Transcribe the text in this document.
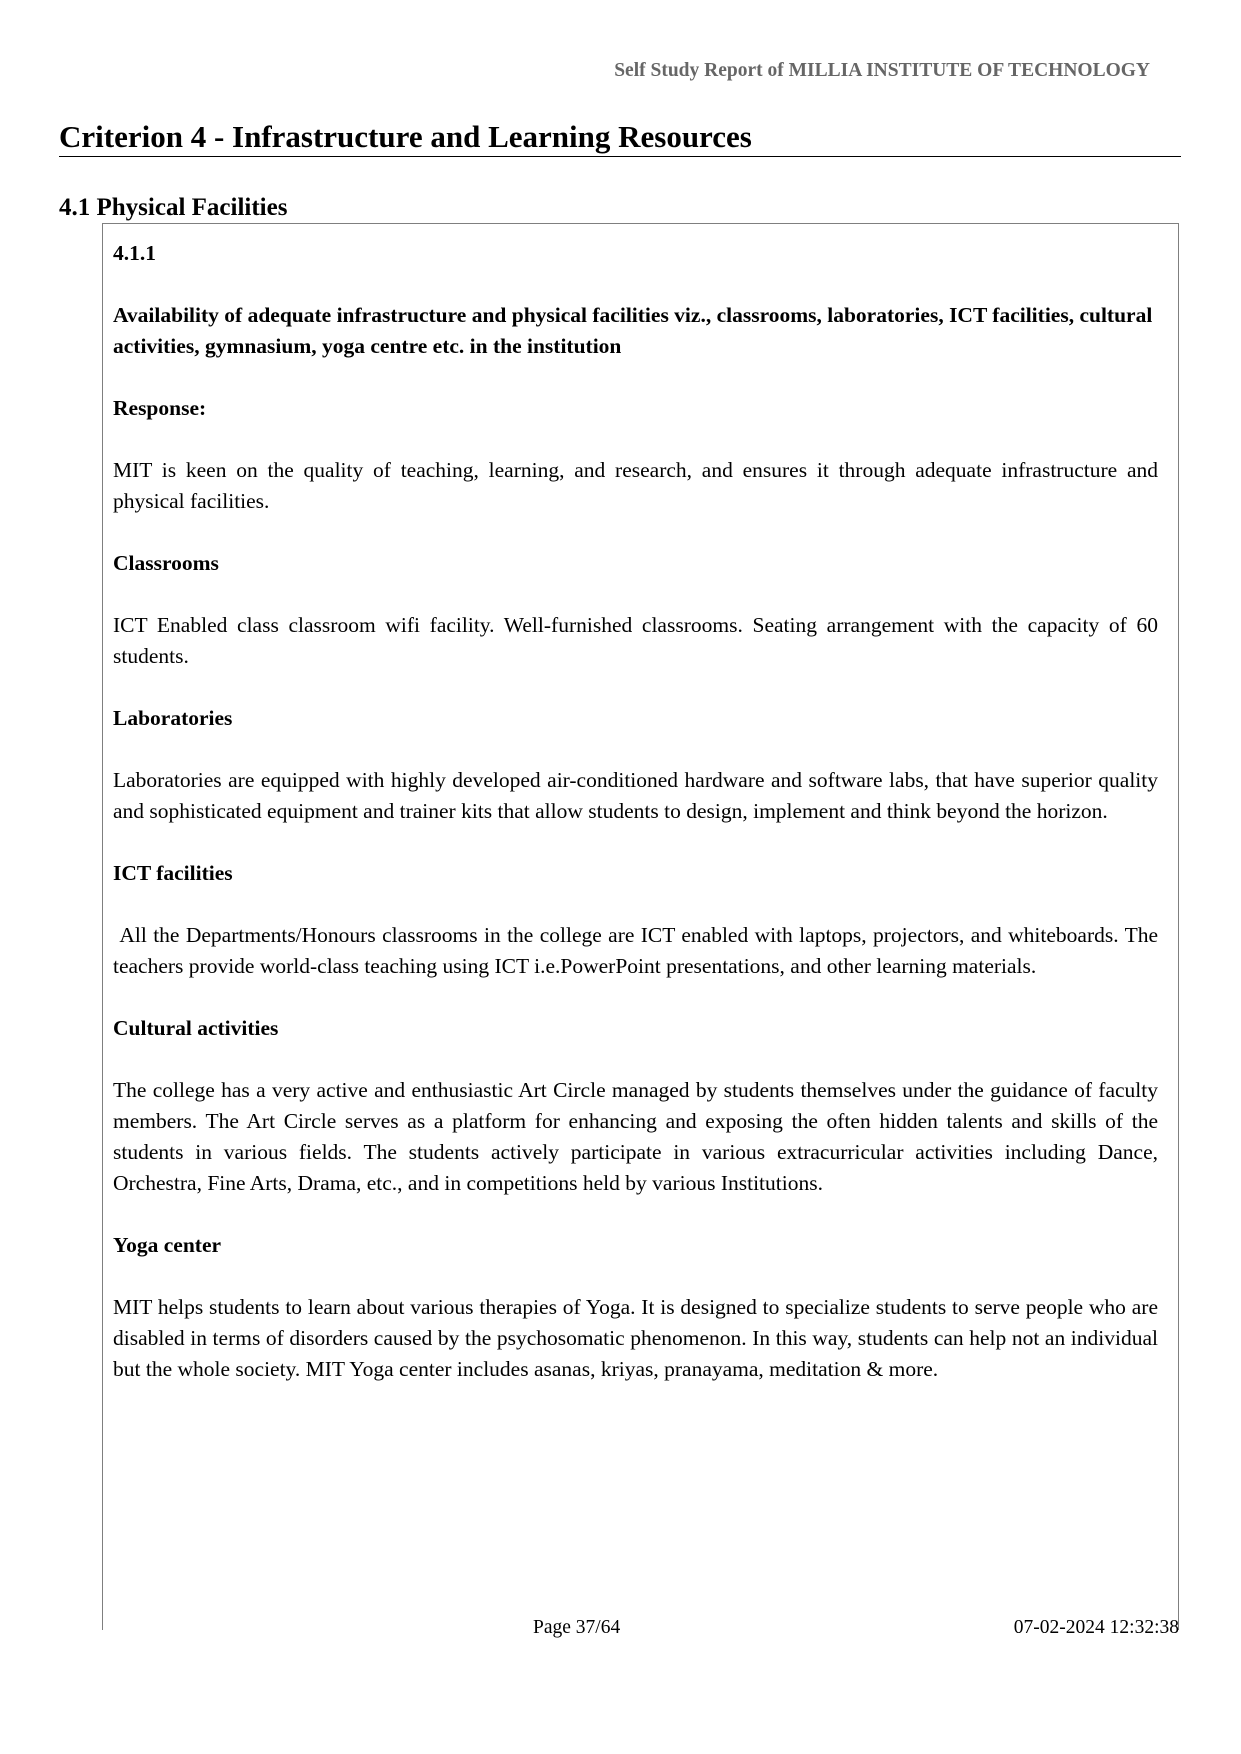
Self Study Report of MILLIA INSTITUTE OF TECHNOLOGY
Criterion 4 - Infrastructure and Learning Resources
4.1 Physical Facilities

4.1.1

Availability of adequate infrastructure and physical facilities viz., classrooms, laboratories, ICT facilities, cultural activities, gymnasium, yoga centre etc. in the institution

Response:

MIT is keen on the quality of teaching, learning, and research, and ensures it through adequate infrastructure and physical facilities.

Classrooms

ICT Enabled class classroom wifi facility. Well-furnished classrooms. Seating arrangement with the capacity of 60 students.

Laboratories

Laboratories are equipped with highly developed air-conditioned hardware and software labs, that have superior quality and sophisticated equipment and trainer kits that allow students to design, implement and think beyond the horizon.

ICT facilities

All the Departments/Honours classrooms in the college are ICT enabled with laptops, projectors, and whiteboards. The teachers provide world-class teaching using ICT i.e.PowerPoint presentations, and other learning materials.

Cultural activities

The college has a very active and enthusiastic Art Circle managed by students themselves under the guidance of faculty members. The Art Circle serves as a platform for enhancing and exposing the often hidden talents and skills of the students in various fields. The students actively participate in various extracurricular activities including Dance, Orchestra, Fine Arts, Drama, etc., and in competitions held by various Institutions.

Yoga center

MIT helps students to learn about various therapies of Yoga. It is designed to specialize students to serve people who are disabled in terms of disorders caused by the psychosomatic phenomenon. In this way, students can help not an individual but the whole society. MIT Yoga center includes asanas, kriyas, pranayama, meditation & more.

Page 37/64	07-02-2024 12:32:38
